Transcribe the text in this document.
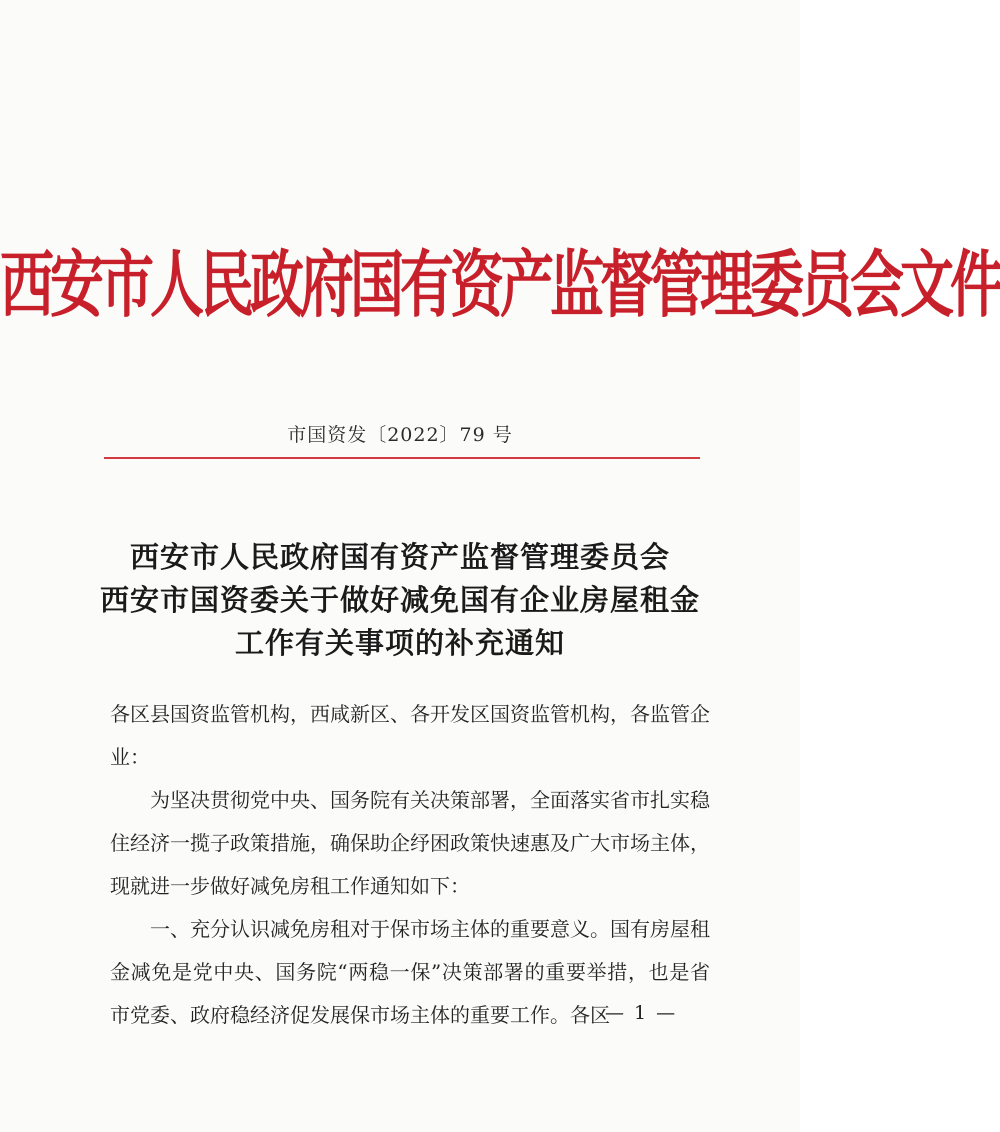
西安市人民政府国有资产监督管理委员会文件
市国资发〔2022〕79 号
西安市人民政府国有资产监督管理委员会
西安市国资委关于做好减免国有企业房屋租金
工作有关事项的补充通知

各区县国资监管机构，西咸新区、各开发区国资监管机构，各监管企业：

为坚决贯彻党中央、国务院有关决策部署，全面落实省市扎实稳住经济一揽子政策措施，确保助企纾困政策快速惠及广大市场主体，现就进一步做好减免房租工作通知如下：

一、充分认识减免房租对于保市场主体的重要意义。国有房屋租金减免是党中央、国务院“两稳一保”决策部署的重要举措，也是省市党委、政府稳经济促发展保市场主体的重要工作。各区

— 1 —
